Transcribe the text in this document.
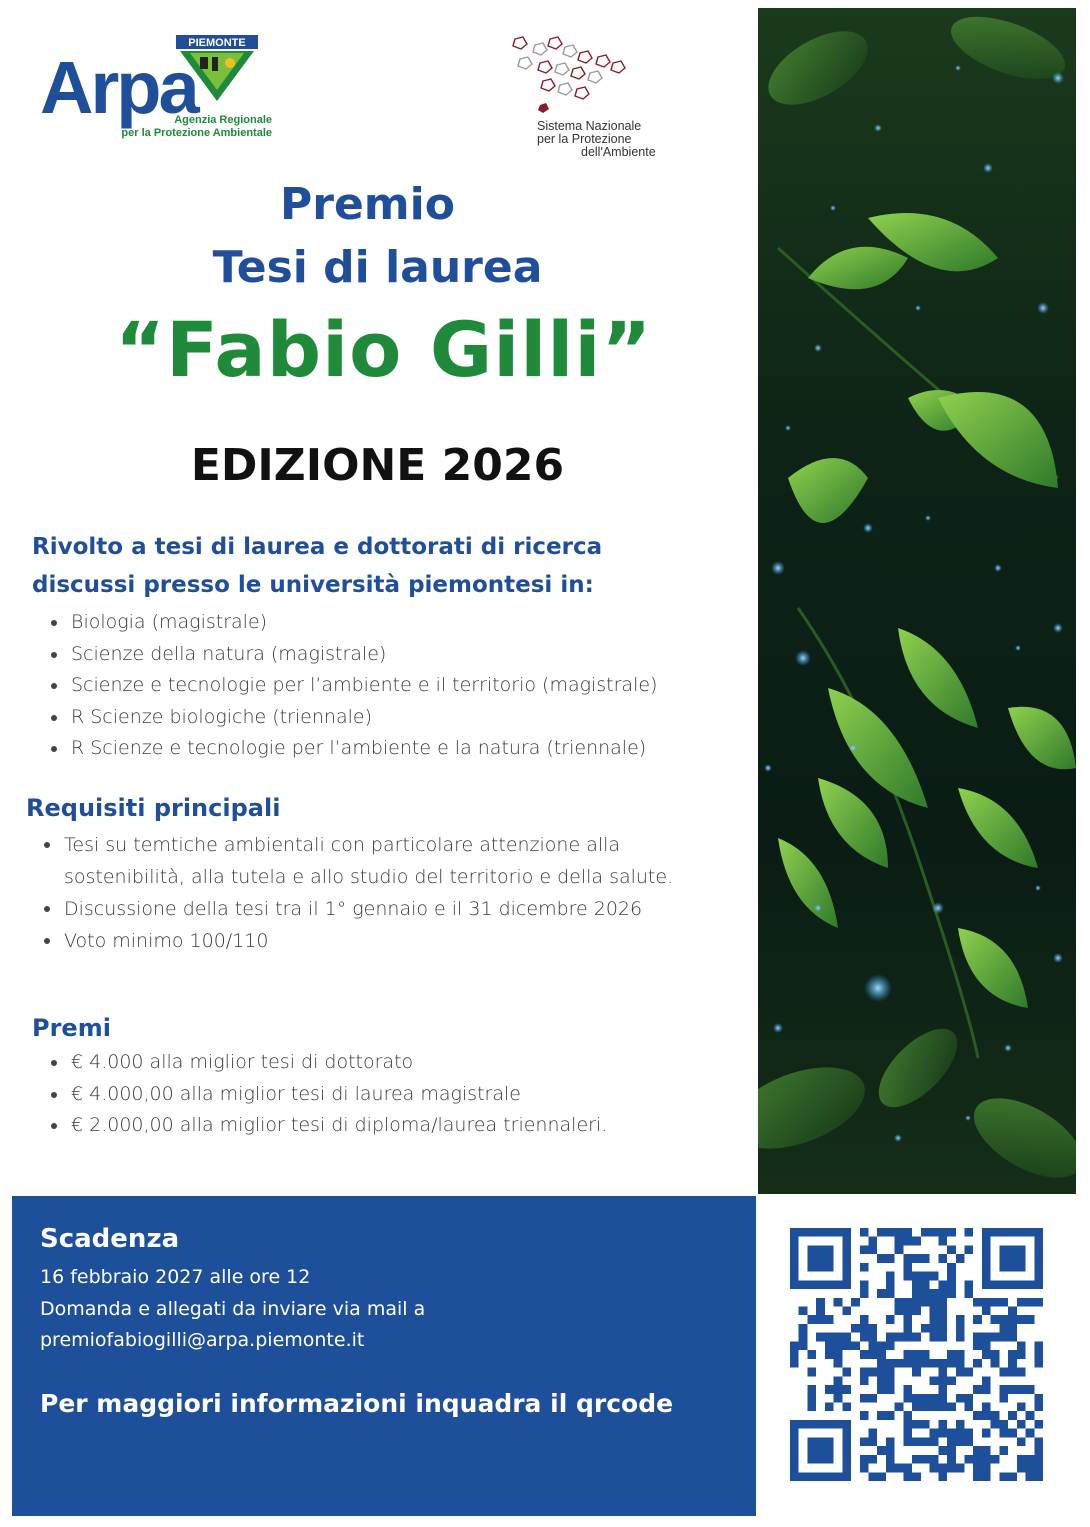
PIEMONTE
Arpa
Agenzia Regionale
per la Protezione Ambientale	Sistema Nazionale
per la Protezione
dell'Ambiente
Premio
Tesi di laurea
“Fabio Gilli”
EDIZIONE 2026
Rivolto a tesi di laurea e dottorati di ricerca
discussi presso le università piemontesi in:
Biologia (magistrale)
Scienze della natura (magistrale)
Scienze e tecnologie per l’ambiente e il territorio (magistrale)
R Scienze biologiche (triennale)
R Scienze e tecnologie per l’ambiente e la natura (triennale)
Requisiti principali
Tesi su temtiche ambientali con particolare attenzione alla sostenibilità, alla tutela e allo studio del territorio e della salute.
Discussione della tesi tra il 1° gennaio e il 31 dicembre 2026
Voto minimo 100/110
Premi
€ 4.000 alla miglior tesi di dottorato
€ 4.000,00 alla miglior tesi di laurea magistrale
€ 2.000,00 alla miglior tesi di diploma/laurea triennaleri.
Scadenza
16 febbraio 2027 alle ore 12
Domanda e allegati da inviare via mail a
premiofabiogilli@arpa.piemonte.it
Per maggiori informazioni inquadra il qrcode
